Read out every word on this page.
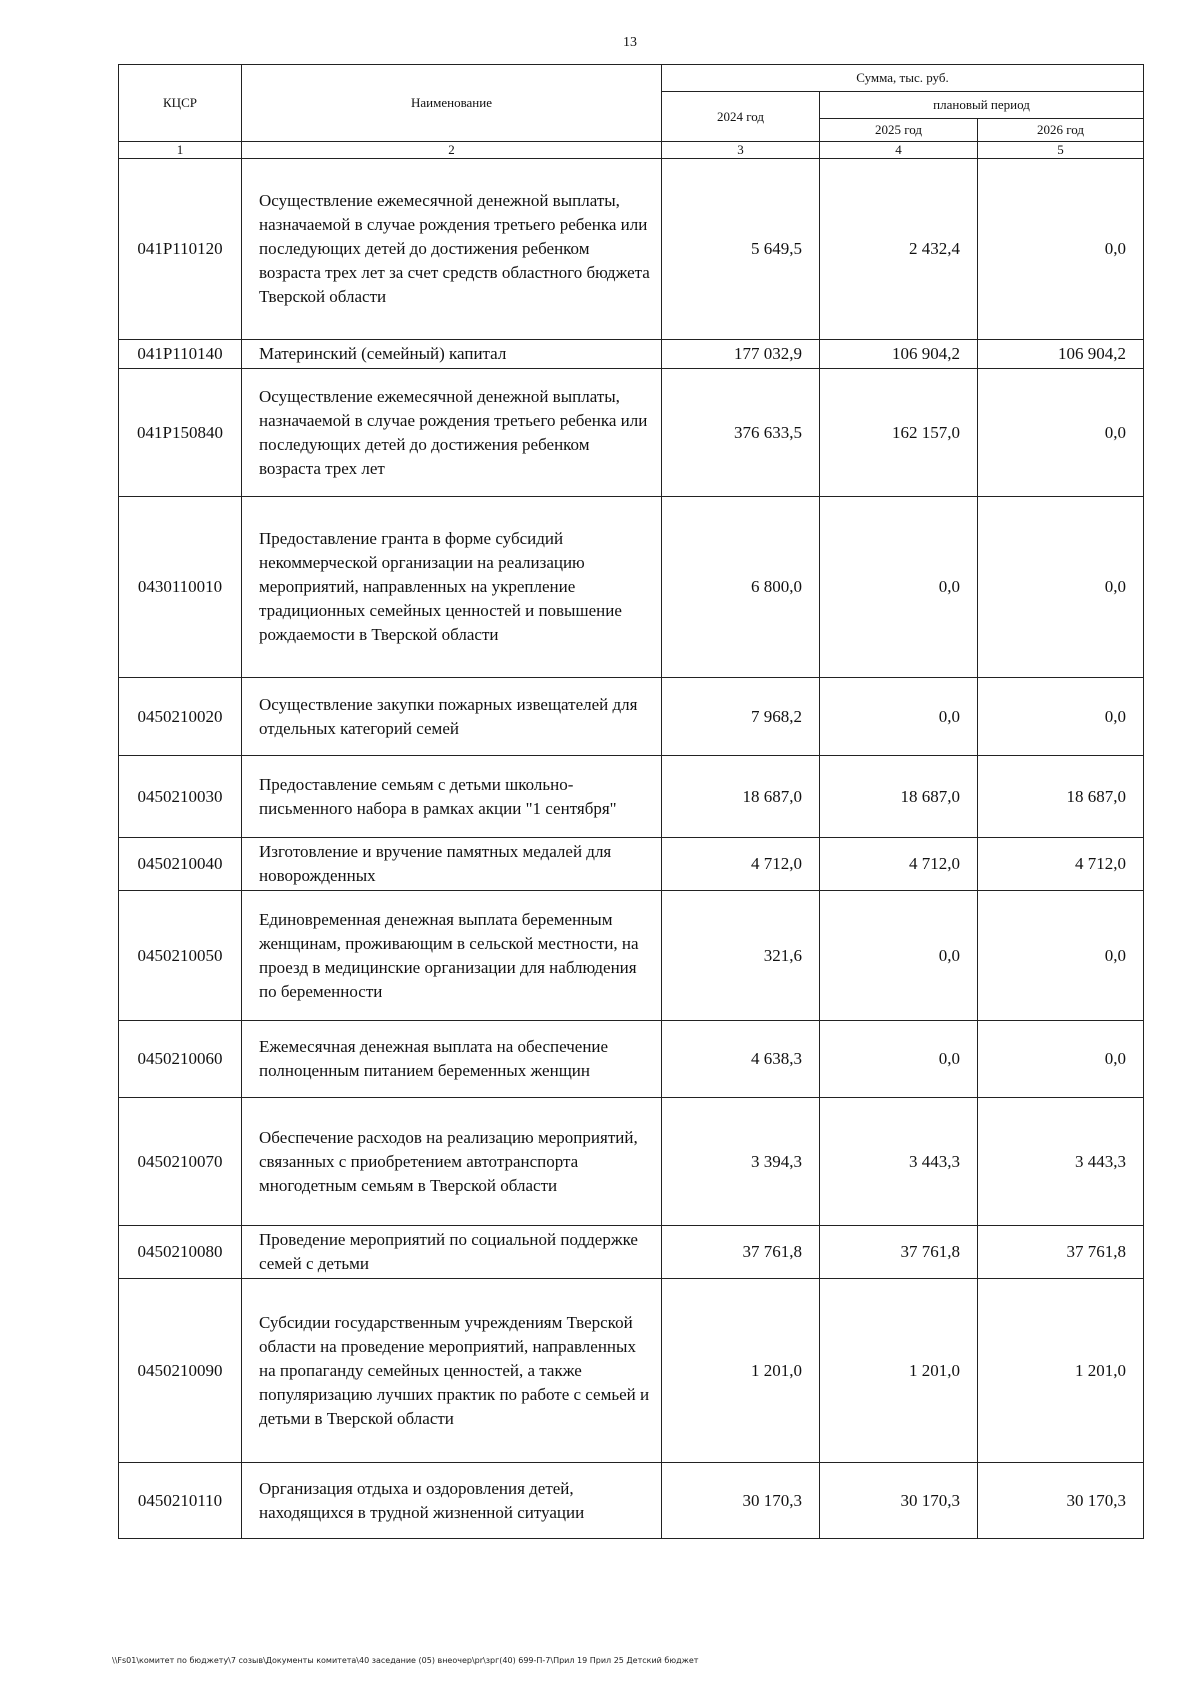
13
КЦСР	Наименование	Сумма, тыс. руб.		
		2024 год	плановый период	
			2025 год	2026 год
1	2	3	4	5
041P110120	Осуществление ежемесячной денежной выплаты, назначаемой в случае рождения третьего ребенка или последующих детей до достижения ребенком возраста трех лет за счет средств областного бюджета Тверской области	5 649,5	2 432,4	0,0
041P110140	Материнский (семейный) капитал	177 032,9	106 904,2	106 904,2
041P150840	Осуществление ежемесячной денежной выплаты, назначаемой в случае рождения третьего ребенка или последующих детей до достижения ребенком возраста трех лет	376 633,5	162 157,0	0,0
0430110010	Предоставление гранта в форме субсидий некоммерческой организации на реализацию мероприятий, направленных на укрепление традиционных семейных ценностей и повышение рождаемости в Тверской области	6 800,0	0,0	0,0
0450210020	Осуществление закупки пожарных извещателей для отдельных категорий семей	7 968,2	0,0	0,0
0450210030	Предоставление семьям с детьми школьно-письменного набора в рамках акции "1 сентября"	18 687,0	18 687,0	18 687,0
0450210040	Изготовление и вручение памятных медалей для новорожденных	4 712,0	4 712,0	4 712,0
0450210050	Единовременная денежная выплата беременным женщинам, проживающим в сельской местности, на проезд в медицинские организации для наблюдения по беременности	321,6	0,0	0,0
0450210060	Ежемесячная денежная выплата на обеспечение полноценным питанием беременных женщин	4 638,3	0,0	0,0
0450210070	Обеспечение расходов на реализацию мероприятий, связанных с приобретением автотранспорта многодетным семьям в Тверской области	3 394,3	3 443,3	3 443,3
0450210080	Проведение мероприятий по социальной поддержке семей с детьми	37 761,8	37 761,8	37 761,8
0450210090	Субсидии государственным учреждениям Тверской области на проведение мероприятий, направленных на пропаганду семейных ценностей, а также популяризацию лучших практик по работе с семьей и детьми в Тверской области	1 201,0	1 201,0	1 201,0
0450210110	Организация отдыха и оздоровления детей, находящихся в трудной жизненной ситуации	30 170,3	30 170,3	30 170,3
\\Fs01\комитет по бюджету\7 созыв\Документы комитета\40 заседание (05) внеочер\pr\зрг(40) 699-П-7\Прил 19 Прил 25 Детский бюджет
